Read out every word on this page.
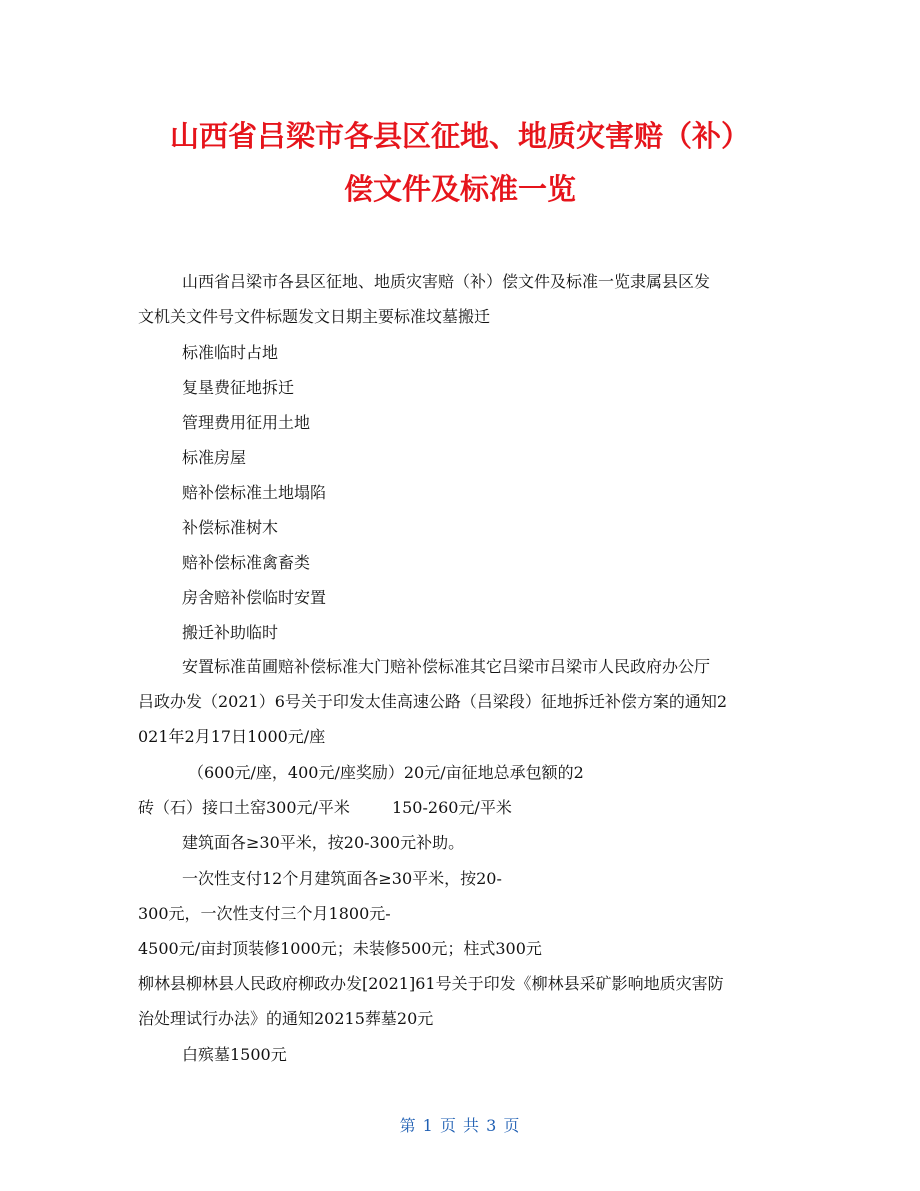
山西省吕梁市各县区征地、地质灾害赔（补）
偿文件及标准一览
山西省吕梁市各县区征地、地质灾害赔（补）偿文件及标准一览隶属县区发
文机关文件号文件标题发文日期主要标准坟墓搬迁
标准临时占地
复垦费征地拆迁
管理费用征用土地
标准房屋
赔补偿标准土地塌陷
补偿标准树木
赔补偿标准禽畜类
房舍赔补偿临时安置
搬迁补助临时
安置标准苗圃赔补偿标准大门赔补偿标准其它吕梁市吕梁市人民政府办公厅
吕政办发（2021）6号关于印发太佳高速公路（吕梁段）征地拆迁补偿方案的通知2
021年2月17日1000元/座
（600元/座，400元/座奖励）20元/亩征地总承包额的2
砖（石）接口土窑300元/平米	150-260元/平米
建筑面各≥30平米，按20-300元补助。
一次性支付12个月建筑面各≥30平米，按20-
300元，一次性支付三个月1800元-
4500元/亩封顶装修1000元；未装修500元；柱式300元
柳林县柳林县人民政府柳政办发[2021]61号关于印发《柳林县采矿影响地质灾害防
治处理试行办法》的通知20215葬墓20元
白殡墓1500元
第 1 页 共 3 页
